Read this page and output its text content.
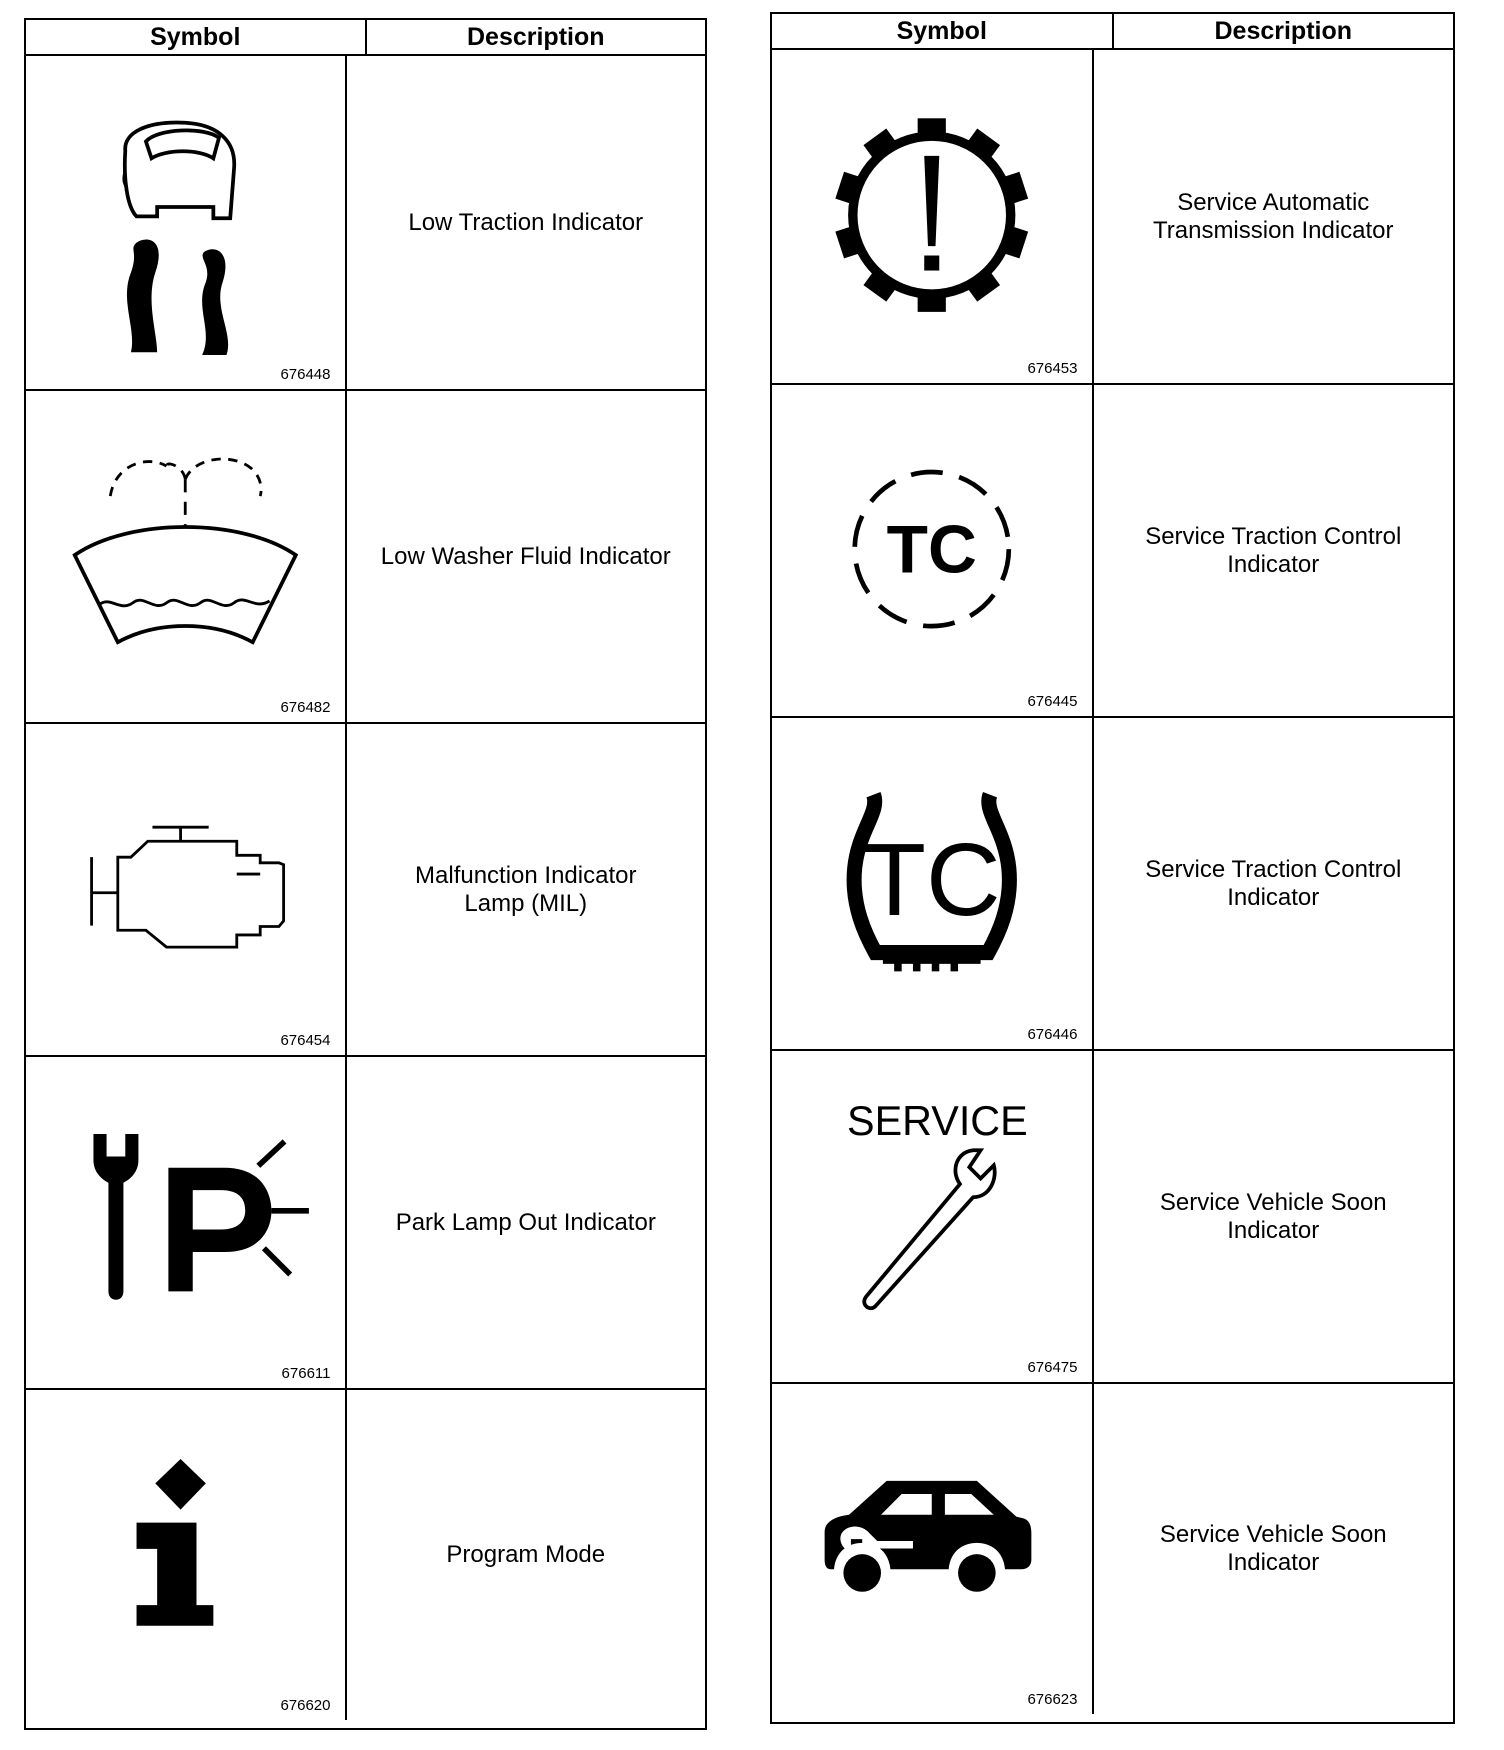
Symbol	Description
676448
Low Traction Indicator
676482
Low Washer Fluid Indicator
676454
Malfunction Indicator
Lamp (MIL)
676611
Park Lamp Out Indicator
676620
Program Mode
Symbol	Description
676453
Service Automatic
Transmission Indicator
TC
676445
Service Traction Control
Indicator
TC
676446
Service Traction Control
Indicator
SERVICE
676475
Service Vehicle Soon
Indicator
676623
Service Vehicle Soon
Indicator
